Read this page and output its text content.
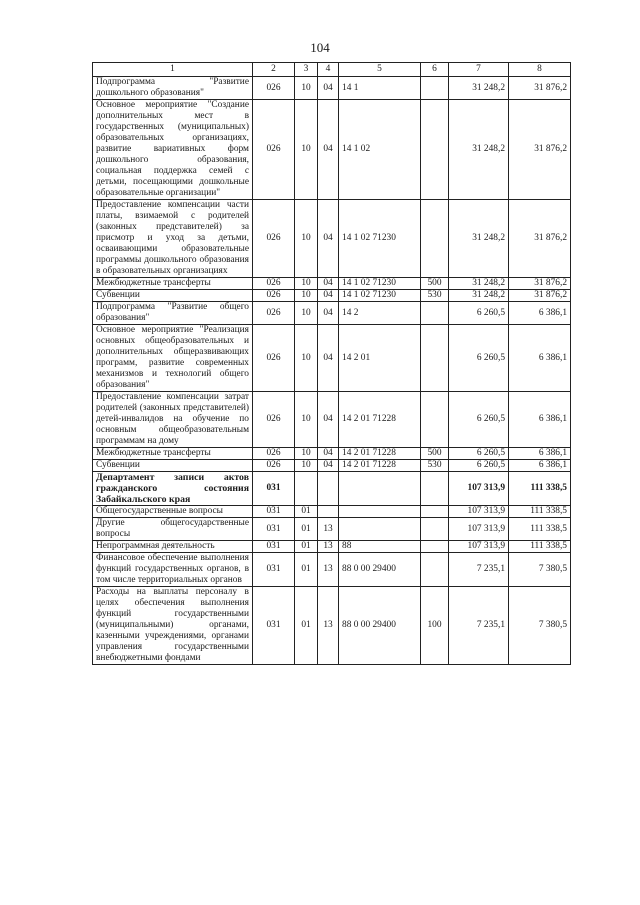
104
1	2	3	4	5	6	7	8
Подпрограмма "Развитие дошкольного образования"	026	10	04	14 1		31 248,2	31 876,2
Основное мероприятие "Создание дополнительных мест в государственных (муниципальных) образовательных организациях, развитие вариативных форм дошкольного образования, социальная поддержка семей с детьми, посещающими дошкольные образовательные организации"	026	10	04	14 1 02		31 248,2	31 876,2
Предоставление компенсации части платы, взимаемой с родителей (законных представителей) за присмотр и уход за детьми, осваивающими образовательные программы дошкольного образования в образовательных организациях	026	10	04	14 1 02 71230		31 248,2	31 876,2
Межбюджетные трансферты	026	10	04	14 1 02 71230	500	31 248,2	31 876,2
Субвенции	026	10	04	14 1 02 71230	530	31 248,2	31 876,2
Подпрограмма "Развитие общего образования"	026	10	04	14 2		6 260,5	6 386,1
Основное мероприятие "Реализация основных общеобразовательных и дополнительных общеразвивающих программ, развитие современных механизмов и технологий общего образования"	026	10	04	14 2 01		6 260,5	6 386,1
Предоставление компенсации затрат родителей (законных представителей) детей-инвалидов на обучение по основным общеобразовательным программам на дому	026	10	04	14 2 01 71228		6 260,5	6 386,1
Межбюджетные трансферты	026	10	04	14 2 01 71228	500	6 260,5	6 386,1
Субвенции	026	10	04	14 2 01 71228	530	6 260,5	6 386,1
Департамент записи актов гражданского состояния Забайкальского края	031					107 313,9	111 338,5
Общегосударственные вопросы	031	01				107 313,9	111 338,5
Другие общегосударственные вопросы	031	01	13			107 313,9	111 338,5
Непрограммная деятельность	031	01	13	88		107 313,9	111 338,5
Финансовое обеспечение выполнения функций государственных органов, в том числе территориальных органов	031	01	13	88 0 00 29400		7 235,1	7 380,5
Расходы на выплаты персоналу в целях обеспечения выполнения функций государственными (муниципальными) органами, казенными учреждениями, органами управления государственными внебюджетными фондами	031	01	13	88 0 00 29400	100	7 235,1	7 380,5
